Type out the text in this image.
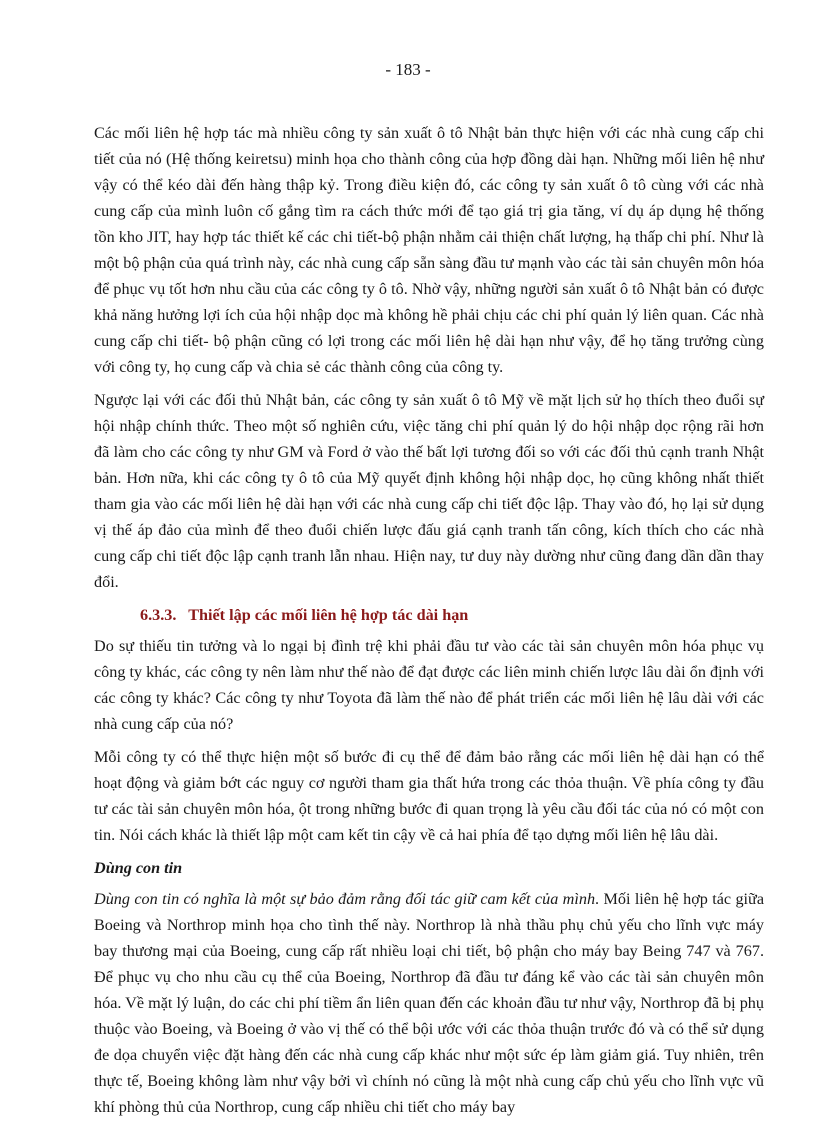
- 183 -

Các mối liên hệ hợp tác mà nhiều công ty sản xuất ô tô Nhật bản thực hiện với các nhà cung cấp chi tiết của nó (Hệ thống keiretsu) minh họa cho thành công của hợp đồng dài hạn. Những mối liên hệ như vậy có thể kéo dài đến hàng thập kỷ. Trong điều kiện đó, các công ty sản xuất ô tô cùng với các nhà cung cấp của mình luôn cố gắng tìm ra cách thức mới để tạo giá trị gia tăng, ví dụ áp dụng hệ thống tồn kho JIT, hay hợp tác thiết kế các chi tiết-bộ phận nhằm cải thiện chất lượng, hạ thấp chi phí. Như là một bộ phận của quá trình này, các nhà cung cấp sẵn sàng đầu tư mạnh vào các tài sản chuyên môn hóa để phục vụ tốt hơn nhu cầu của các công ty ô tô. Nhờ vậy, những người sản xuất ô tô Nhật bản có được khả năng hưởng lợi ích của hội nhập dọc mà không hề phải chịu các chi phí quản lý liên quan. Các nhà cung cấp chi tiết- bộ phận cũng có lợi trong các mối liên hệ dài hạn như vậy, để họ tăng trưởng cùng với công ty, họ cung cấp và chia sẻ các thành công của công ty.

Ngược lại với các đối thủ Nhật bản, các công ty sản xuất ô tô Mỹ về mặt lịch sử họ thích theo đuổi sự hội nhập chính thức. Theo một số nghiên cứu, việc tăng chi phí quản lý do hội nhập dọc rộng rãi hơn đã làm cho các công ty như GM và Ford ở vào thế bất lợi tương đối so với các đối thủ cạnh tranh Nhật bản. Hơn nữa, khi các công ty ô tô của Mỹ quyết định không hội nhập dọc, họ cũng không nhất thiết tham gia vào các mối liên hệ dài hạn với các nhà cung cấp chi tiết độc lập. Thay vào đó, họ lại sử dụng vị thế áp đảo của mình để theo đuổi chiến lược đấu giá cạnh tranh tấn công, kích thích cho các nhà cung cấp chi tiết độc lập cạnh tranh lẫn nhau. Hiện nay, tư duy này dường như cũng đang dần dần thay đổi.

6.3.3. Thiết lập các mối liên hệ hợp tác dài hạn

Do sự thiếu tin tưởng và lo ngại bị đình trệ khi phải đầu tư vào các tài sản chuyên môn hóa phục vụ công ty khác, các công ty nên làm như thế nào để đạt được các liên minh chiến lược lâu dài ổn định với các công ty khác? Các công ty như Toyota đã làm thế nào để phát triển các mối liên hệ lâu dài với các nhà cung cấp của nó?

Mỗi công ty có thể thực hiện một số bước đi cụ thể để đảm bảo rằng các mối liên hệ dài hạn có thể hoạt động và giảm bớt các nguy cơ người tham gia thất hứa trong các thỏa thuận. Về phía công ty đầu tư các tài sản chuyên môn hóa, ột trong những bước đi quan trọng là yêu cầu đối tác của nó có một con tin. Nói cách khác là thiết lập một cam kết tin cậy về cả hai phía để tạo dựng mối liên hệ lâu dài.

Dùng con tin

Dùng con tin có nghĩa là một sự bảo đảm rằng đối tác giữ cam kết của mình. Mối liên hệ hợp tác giữa Boeing và Northrop minh họa cho tình thế này. Northrop là nhà thầu phụ chủ yếu cho lĩnh vực máy bay thương mại của Boeing, cung cấp rất nhiều loại chi tiết, bộ phận cho máy bay Being 747 và 767. Để phục vụ cho nhu cầu cụ thể của Boeing, Northrop đã đầu tư đáng kể vào các tài sản chuyên môn hóa. Về mặt lý luận, do các chi phí tiềm ẩn liên quan đến các khoản đầu tư như vậy, Northrop đã bị phụ thuộc vào Boeing, và Boeing ở vào vị thế có thể bội ước với các thỏa thuận trước đó và có thể sử dụng đe dọa chuyển việc đặt hàng đến các nhà cung cấp khác như một sức ép làm giảm giá. Tuy nhiên, trên thực tế, Boeing không làm như vậy bởi vì chính nó cũng là một nhà cung cấp chủ yếu cho lĩnh vực vũ khí phòng thủ của Northrop, cung cấp nhiều chi tiết cho máy bay
